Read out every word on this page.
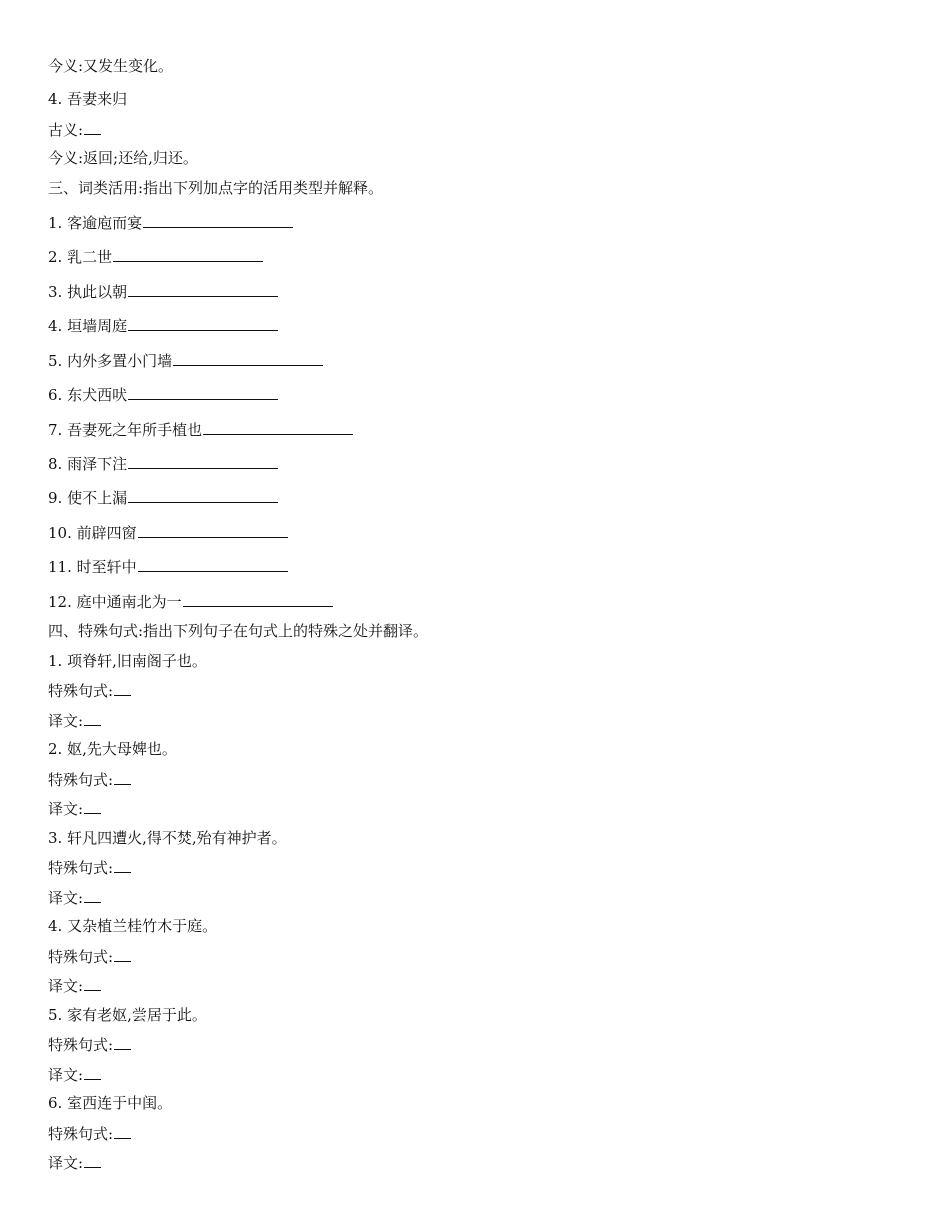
今义:又发生变化。
4. 吾妻来归
古义:
今义:返回;还给,归还。
三、词类活用:指出下列加点字的活用类型并解释。
1. 客逾庖而宴
2. 乳二世
3. 执此以朝
4. 垣墙周庭
5. 内外多置小门墙
6. 东犬西吠
7. 吾妻死之年所手植也
8. 雨泽下注
9. 使不上漏
10. 前辟四窗
11. 时至轩中
12. 庭中通南北为一
四、特殊句式:指出下列句子在句式上的特殊之处并翻译。
1. 项脊轩,旧南阁子也。
特殊句式:
译文:
2. 妪,先大母婢也。
特殊句式:
译文:
3. 轩凡四遭火,得不焚,殆有神护者。
特殊句式:
译文:
4. 又杂植兰桂竹木于庭。
特殊句式:
译文:
5. 家有老妪,尝居于此。
特殊句式:
译文:
6. 室西连于中闺。
特殊句式:
译文:
